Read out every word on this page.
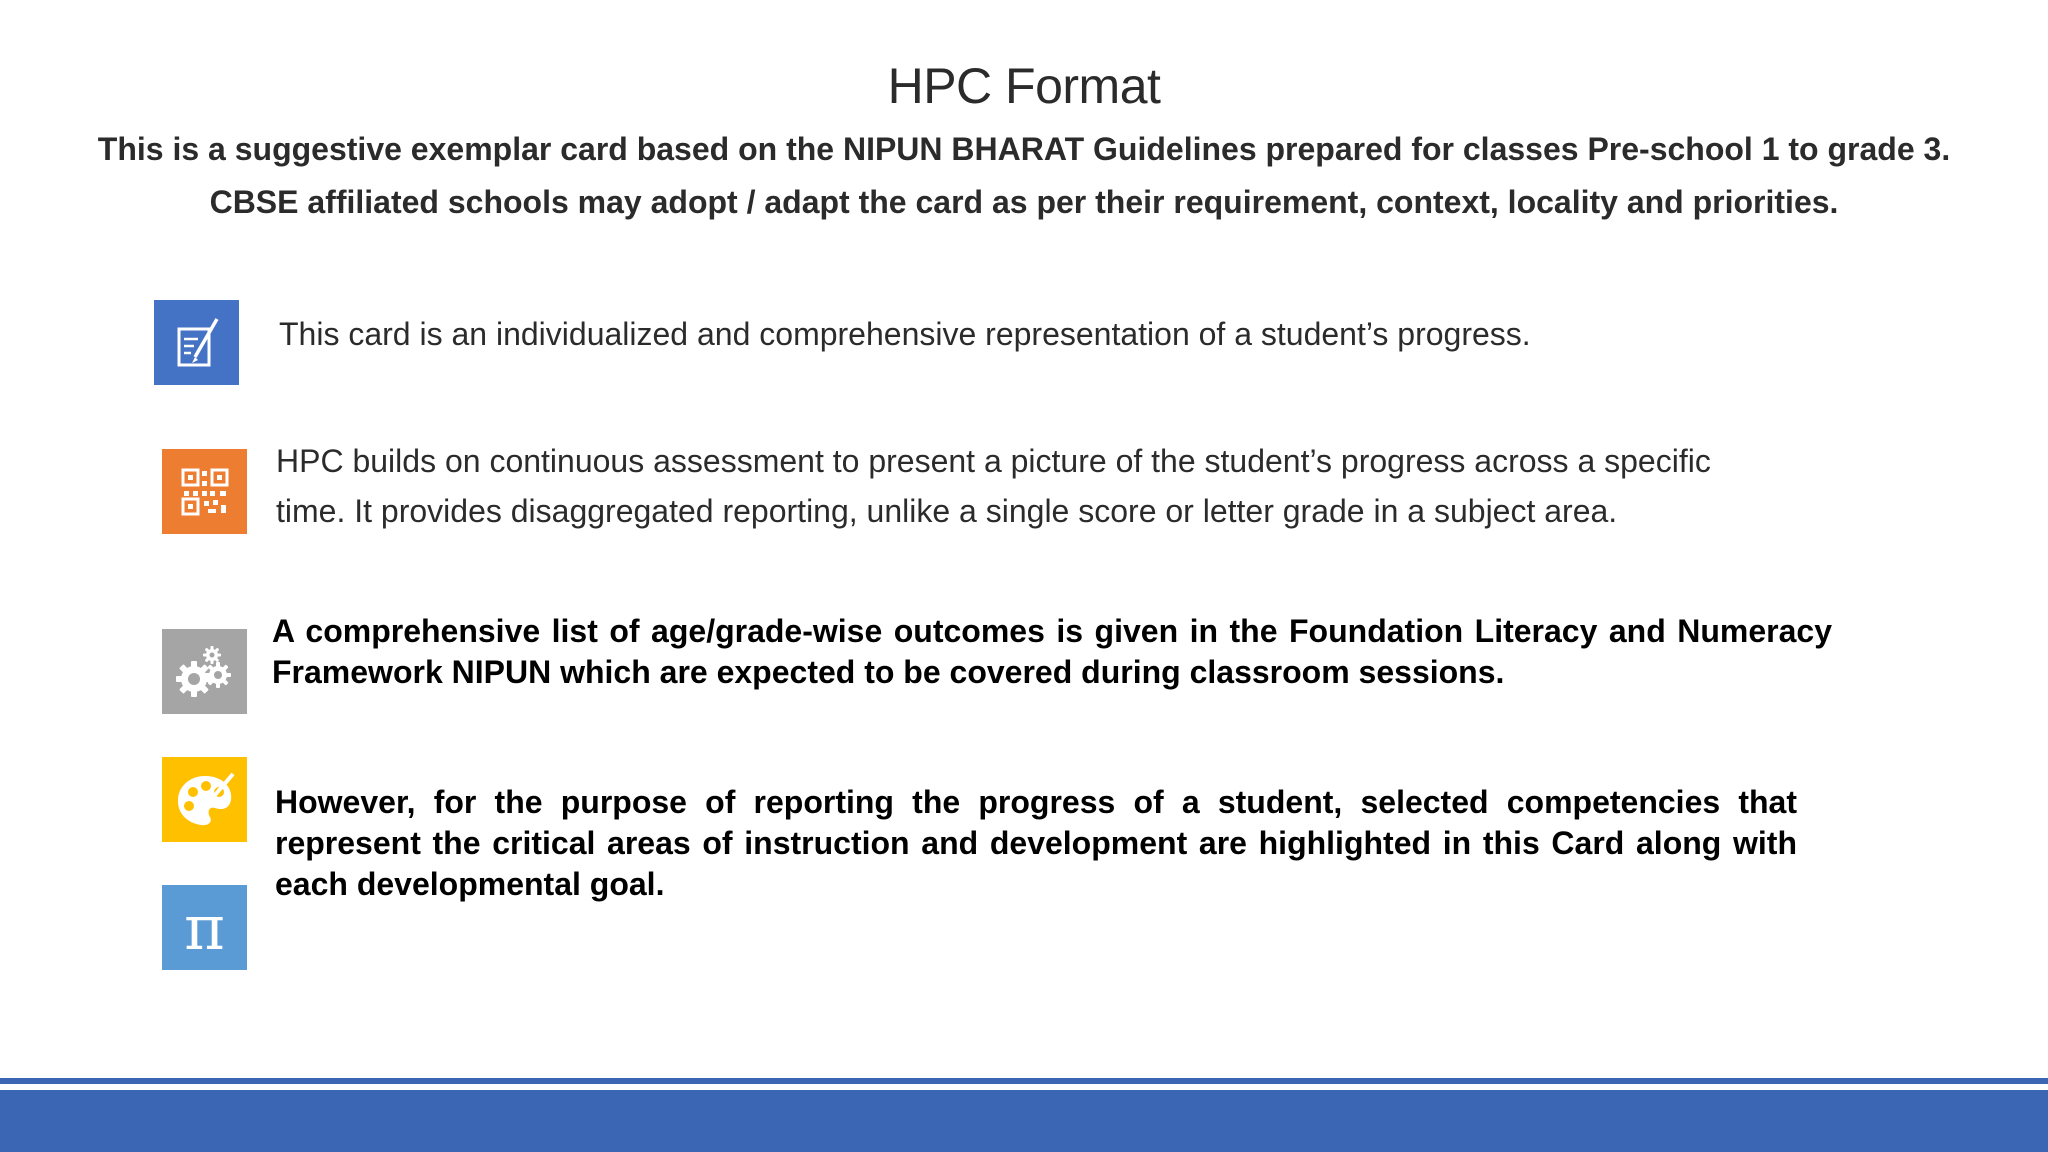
HPC Format
This is a suggestive exemplar card based on the NIPUN BHARAT Guidelines prepared for classes Pre-school 1 to grade 3.
CBSE affiliated schools may adopt / adapt the card as per their requirement, context, locality and priorities.
This card is an individualized and comprehensive representation of a student’s progress.
HPC builds on continuous assessment to present a picture of the student’s progress across a specific
time. It provides disaggregated reporting, unlike a single score or letter grade in a subject area.
A comprehensive list of age/grade-wise outcomes is given in the Foundation Literacy and Numeracy Framework NIPUN which are expected to be covered during classroom sessions.
However, for the purpose of reporting the progress of a student, selected competencies that represent the critical areas of instruction and development are highlighted in this Card along with each developmental goal.
π
